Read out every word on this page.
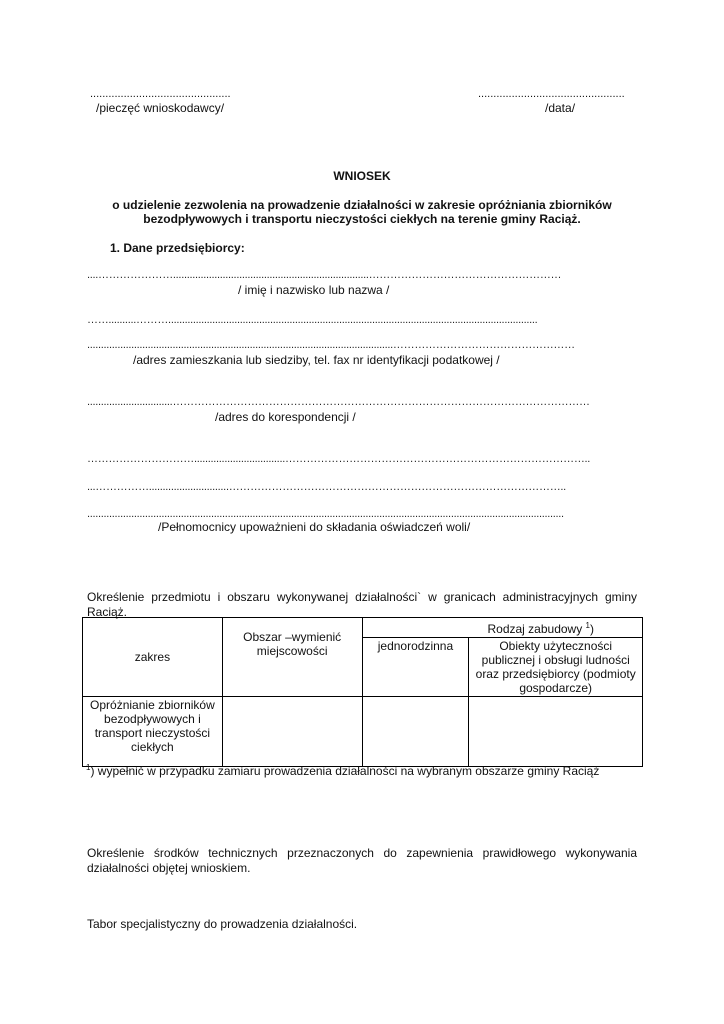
..............................................
/pieczęć wnioskodawcy/
................................................
/data/
WNIOSEK
o udzielenie zezwolenia na prowadzenie działalności w zakresie opróżniania zbiorników
bezodpływowych i transportu nieczystości ciekłych na terenie gminy Raciąż.
1. Dane przedsiębiorcy:
....………………….......................................................................………………………………………………
/ imię i nazwisko lub nazwa /
……..........………......................................................................................................................................
...............................................................................................................……………………………………………
/adres zamieszkania lub siedziby, tel. fax nr identyfikacji podatkowej /
...............................………………………………………………………………………………………………………
/adres do korespondencji /
………………………….................................…………………………………………………………………………..
...…………….............................…………………………………………………………………………………..
.............................................................................................................................................................................
/Pełnomocnicy upoważnieni do składania oświadczeń woli/
Określenie przedmiotu i obszaru wykonywanej działalności` w granicach administracyjnych gminy Raciąż.
zakres	Obszar –wymienić miejscowości	Rodzaj zabudowy $^1$)	
		jednorodzinna	Obiekty użyteczności publicznej i obsługi ludności oraz przedsiębiorcy (podmioty gospodarcze)
Opróżnianie zbiorników bezodpływowych i transport nieczystości ciekłych			
$^1$) wypełnić w przypadku zamiaru prowadzenia działalności na wybranym obszarze gminy Raciąż
Określenie środków technicznych przeznaczonych do zapewnienia prawidłowego wykonywania działalności objętej wnioskiem.
Tabor specjalistyczny do prowadzenia działalności.
